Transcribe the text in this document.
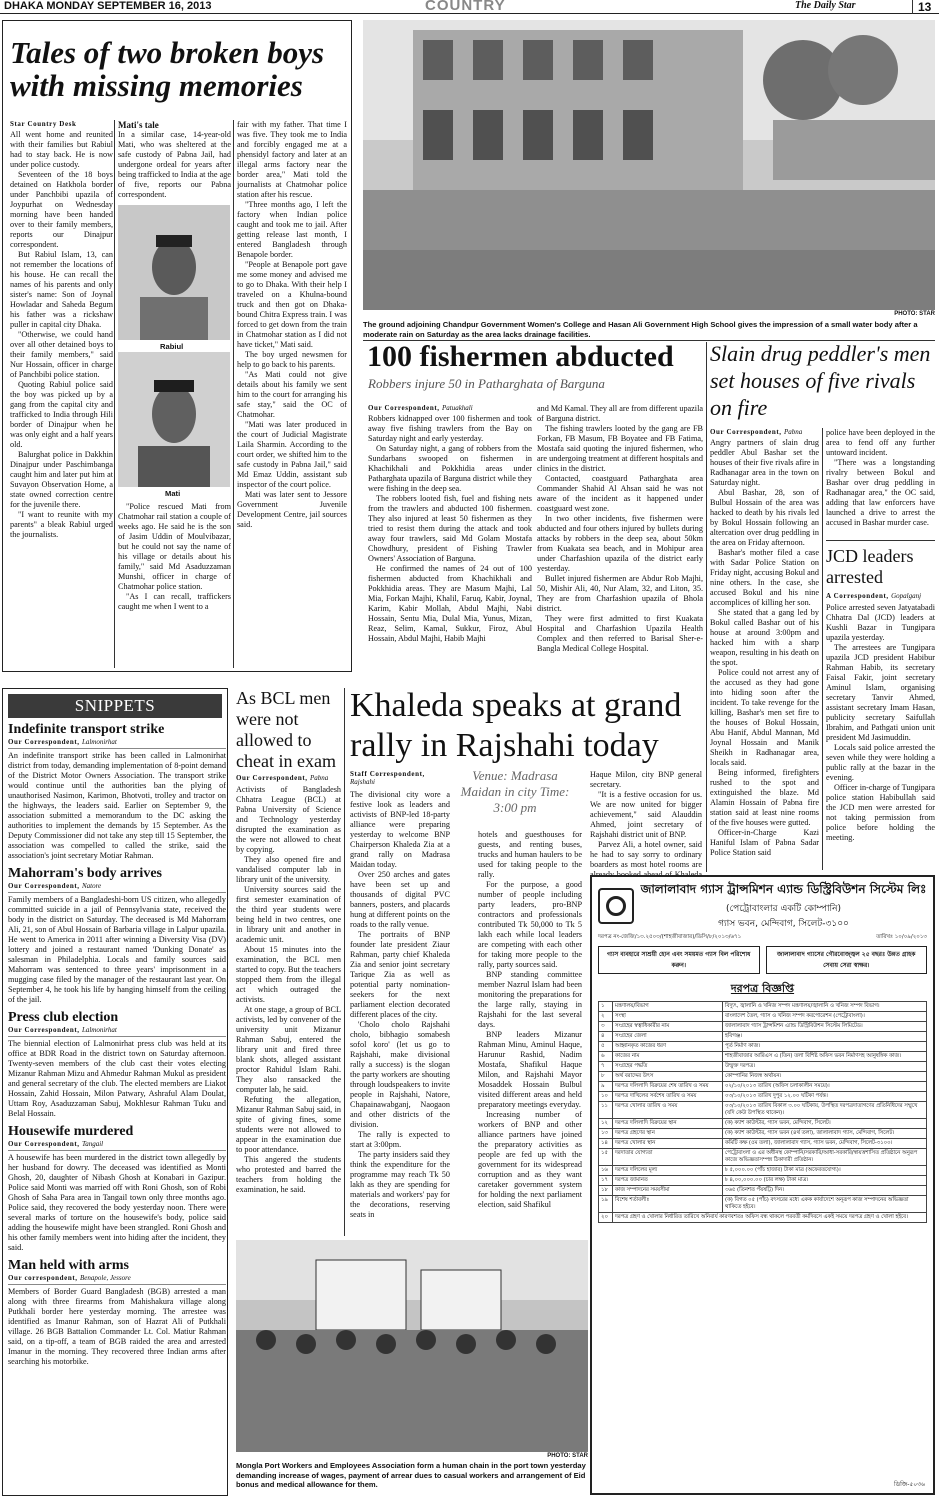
DHAKA MONDAY SEPTEMBER 16, 2013	COUNTRY	The Daily Star	13
Tales of two broken boys with missing memories
Star Country Desk

All went home and reunited with their families but Rabiul had to stay back. He is now under police custody.

Seventeen of the 18 boys detained on Hatkhola border under Panchbibi upazila of Joypurhat on Wednesday morning have been handed over to their family members, reports our Dinajpur correspondent.

But Rabiul Islam, 13, can not remember the locations of his house. He can recall the names of his parents and only sister's name: Son of Joynal Howladar and Saheda Begum his father was a rickshaw puller in capital city Dhaka.

"Otherwise, we could hand over all other detained boys to their family members," said Nur Hossain, officer in charge of Panchbibi police station.

Quoting Rabiul police said the boy was picked up by a gang from the capital city and trafficked to India through Hili border of Dinajpur when he was only eight and a half years old.

Balurghat police in Dakkhin Dinajpur under Paschimbanga caught him and later put him at Suvayon Observation Home, a state owned correction centre for the juvenile there.

"I want to reunite with my parents" a bleak Rabiul urged the journalists.

Mati's tale

In a similar case, 14-year-old Mati, who was sheltered at the safe custody of Pabna Jail, had undergone ordeal for years after being trafficked to India at the age of five, reports our Pabna correspondent.

Rabiul
Mati

"Police rescued Mati from Chatmohar rail station a couple of weeks ago. He said he is the son of Jasim Uddin of Moulvibazar, but he could not say the name of his village or details about his family," said Md Asaduzzaman Munshi, officer in charge of Chatmohar police station.

"As I can recall, traffickers caught me when I went to a

fair with my father. That time I was five. They took me to India and forcibly engaged me at a phensidyl factory and later at an illegal arms factory near the border area," Mati told the journalists at Chatmohar police station after his rescue.

"Three months ago, I left the factory when Indian police caught and took me to jail. After getting release last month, I entered Bangladesh through Benapole border.

"People at Benapole port gave me some money and advised me to go to Dhaka. With their help I traveled on a Khulna-bound truck and then got on Dhaka-bound Chitra Express train. I was forced to get down from the train in Chatmohar station as I did not have ticket," Mati said.

The boy urged newsmen for help to go back to his parents.

"As Mati could not give details about his family we sent him to the court for arranging his safe stay," said the OC of Chatmohar.

"Mati was later produced in the court of Judicial Magistrate Laila Sharmin. According to the court order, we shifted him to the safe custody in Pabna Jail," said Md Emaz Uddin, assistant sub inspector of the court police.

Mati was later sent to Jessore Government Juvenile Development Centre, jail sources said.

PHOTO: STAR
The ground adjoining Chandpur Government Women's College and Hasan Ali Government High School gives the impression of a small water body after a moderate rain on Saturday as the area lacks drainage facilities.
100 fishermen abducted
Robbers injure 50 in Patharghata of Barguna
Our Correspondent, Patuakhali

Robbers kidnapped over 100 fishermen and took away five fishing trawlers from the Bay on Saturday night and early yesterday.

On Saturday night, a gang of robbers from the Sundarbans swooped on fishermen in Khachikhali and Pokkhidia areas under Patharghata upazila of Barguna district while they were fishing in the deep sea.

The robbers looted fish, fuel and fishing nets from the trawlers and abducted 100 fishermen. They also injured at least 50 fishermen as they tried to resist them during the attack and took away four trawlers, said Md Golam Mostafa Chowdhury, president of Fishing Trawler Owners' Association of Barguna.

He confirmed the names of 24 out of 100 fishermen abducted from Khachikhali and Pokkhidia areas. They are Masum Majhi, Lal Mia, Forkan Majhi, Khalil, Faruq, Kabir, Joynal, Karim, Kabir Mollah, Abdul Majhi, Nabi Hossain, Sentu Mia, Dulal Mia, Yunus, Mizan, Reaz, Selim, Kamal, Sukkur, Firoz, Abul Hossain, Abdul Majhi, Habib Majhi

and Md Kamal. They all are from different upazila of Barguna district.

The fishing trawlers looted by the gang are FB Forkan, FB Masum, FB Boyatee and FB Fatima, Mostafa said quoting the injured fishermen, who are undergoing treatment at different hospitals and clinics in the district.

Contacted, coastguard Patharghata area Commander Shahid Al Ahsan said he was not aware of the incident as it happened under coastguard west zone.

In two other incidents, five fishermen were abducted and four others injured by bullets during attacks by robbers in the deep sea, about 50km from Kuakata sea beach, and in Mohipur area under Charfashion upazila of the district early yesterday.

Bullet injured fishermen are Abdur Rob Majhi, 50, Mishir Ali, 40, Nur Alam, 32, and Liton, 35. They are from Charfashion upazila of Bhola district.

They were first admitted to first Kuakata Hospital and Charfashion Upazila Health Complex and then referred to Barisal Sher-e-Bangla Medical College Hospital.

Slain drug peddler's men set houses of five rivals on fire
Our Correspondent, Pabna

Angry partners of slain drug peddler Abul Bashar set the houses of their five rivals afire in Radhanagar area in the town on Saturday night.

Abul Bashar, 28, son of Bulbul Hossain of the area was hacked to death by his rivals led by Bokul Hossain following an altercation over drug peddling in the area on Friday afternoon.

Bashar's mother filed a case with Sadar Police Station on Friday night, accusing Bokul and nine others. In the case, she accused Bokul and his nine accomplices of killing her son.

She stated that a gang led by Bokul called Bashar out of his house at around 3:00pm and hacked him with a sharp weapon, resulting in his death on the spot.

Police could not arrest any of the accused as they had gone into hiding soon after the incident. To take revenge for the killing, Bashar's men set fire to the houses of Bokul Hossain, Abu Hanif, Abdul Mannan, Md Joynal Hossain and Manik Sheikh in Radhanagar area, locals said.

Being informed, firefighters rushed to the spot and extinguished the blaze. Md Alamin Hossain of Pabna fire station said at least nine rooms of the five houses were gutted.

Officer-in-Charge Kazi Haniful Islam of Pabna Sadar Police Station said

police have been deployed in the area to fend off any further untoward incident.

"There was a longstanding rivalry between Bokul and Bashar over drug peddling in Radhanagar area," the OC said, adding that law enforcers have launched a drive to arrest the accused in Bashar murder case.

JCD leaders arrested
A Correspondent, Gopalganj

Police arrested seven Jatyatabadi Chhatra Dal (JCD) leaders at Kushli Bazar in Tungipara upazila yesterday.

The arrestees are Tungipara upazila JCD president Habibur Rahman Habib, its secretary Faisal Fakir, joint secretary Aminul Islam, organising secretary Tanvir Ahmed, assistant secretary Imam Hasan, publicity secretary Saifullah Ibrahim, and Pathgati union unit president Md Jasimuddin.

Locals said police arrested the seven while they were holding a public rally at the bazar in the evening.

Officer in-charge of Tungipara police station Habibullah said the JCD men were arrested for not taking permission from police before holding the meeting.

SNIPPETS
Indefinite transport strike
Our Correspondent, Lalmonirhat
An indefinite transport strike has been called in Lalmonirhat district from today, demanding implementation of 8-point demand of the District Motor Owners Association. The transport strike would continue until the authorities ban the plying of unauthorised Nasimon, Karimon, Bhotvoti, trolley and tractor on the highways, the leaders said. Earlier on September 9, the association submitted a memorandum to the DC asking the authorities to implement the demands by 15 September. As the Deputy Commissioner did not take any step till 15 September, the association was compelled to called the strike, said the association's joint secretary Motiar Rahman.
Mahorram's body arrives
Our Correspondent, Natore
Family members of a Bangladeshi-born US citizen, who allegedly committed suicide in a jail of Pennsylvania state, received the body in the district on Saturday. The deceased is Md Mahorram Ali, 21, son of Abul Hossain of Barbaria village in Lalpur upazila. He went to America in 2011 after winning a Diversity Visa (DV) lottery and joined a restaurant named 'Dunking Donate' as salesman in Philadelphia. Locals and family sources said Mahorram was sentenced to three years' imprisonment in a mugging case filed by the manager of the restaurant last year. On September 4, he took his life by hanging himself from the ceiling of the jail.
Press club election
Our Correspondent, Lalmonirhat
The biennial election of Lalmonirhat press club was held at its office at BDR Road in the district town on Saturday afternoon. Twenty-seven members of the club cast their votes electing Mizanur Rahman Mizu and Ahmedur Rahman Mukul as president and general secretary of the club. The elected members are Liakot Hossain, Zahid Hossain, Milon Patwary, Ashraful Alam Doulat, Uttam Roy, Asaduzzaman Sabuj, Mokhlesur Rahman Tuku and Belal Hossain.
Housewife murdered
Our Correspondent, Tangail
A housewife has been murdered in the district town allegedly by her husband for dowry. The deceased was identified as Monti Ghosh, 20, daughter of Nibash Ghosh at Konabari in Gazipur. Police said Monti was married off with Roni Ghosh, son of Robi Ghosh of Saha Para area in Tangail town only three months ago. Police said, they recovered the body yesterday noon. There were several marks of torture on the housewife's body, police said adding the housewife might have been strangled. Roni Ghosh and his other family members went into hiding after the incident, they said.
Man held with arms
Our correspondent, Benapole, Jessore
Members of Border Guard Bangladesh (BGB) arrested a man along with three firearms from Mahishakura village along Putkhali border here yesterday morning. The arrestee was identified as Imanur Rahman, son of Hazrat Ali of Putkhali village. 26 BGB Battalion Commander Lt. Col. Matiur Rahman said, on a tip-off, a team of BGB raided the area and arrested Imanur in the morning. They recovered three Indian arms after searching his motorbike.
As BCL men were not allowed to cheat in exam
Our Correspondent, Pabna

Activists of Bangladesh Chhatra League (BCL) at Pabna University of Science and Technology yesterday disrupted the examination as the were not allowed to cheat by copying.

They also opened fire and vandalised computer lab in library unit of the university.

University sources said the first semester examination of the third year students were being held in two centres, one in library unit and another in academic unit.

About 15 minutes into the examination, the BCL men started to copy. But the teachers stopped them from the illegal act which outraged the activists.

At one stage, a group of BCL activists, led by convener of the university unit Mizanur Rahman Sabuj, entered the library unit and fired three blank shots, alleged assistant proctor Rahidul Islam Rahi. They also ransacked the computer lab, he said.

Refuting the allegation, Mizanur Rahman Sabuj said, in spite of giving fines, some students were not allowed to appear in the examination due to poor attendance.

This angered the students who protested and barred the teachers from holding the examination, he said.

Khaleda speaks at grand rally in Rajshahi today
Staff Correspondent, Rajshahi	Venue: Madrasa Maidan in city Time: 3:00 pm

The divisional city wore a festive look as leaders and activists of BNP-led 18-party alliance were preparing yesterday to welcome BNP Chairperson Khaleda Zia at a grand rally on Madrasa Maidan today.

Over 250 arches and gates have been set up and thousands of digital PVC banners, posters, and placards hung at different points on the roads to the rally venue.

The portraits of BNP founder late president Ziaur Rahman, party chief Khaleda Zia and senior joint secretary Tarique Zia as well as potential party nomination-seekers for the next parliament election decorated different places of the city.

'Cholo cholo Rajshahi cholo, bibhagio somabesh sofol koro' (let us go to Rajshahi, make divisional rally a success) is the slogan the party workers are shouting through loudspeakers to invite people in Rajshahi, Natore, Chapainawabganj, Naogaon and other districts of the division.

The rally is expected to start at 3:00pm.

The party insiders said they think the expenditure for the programme may reach Tk 50 lakh as they are spending for materials and workers' pay for the decorations, reserving seats in

hotels and guesthouses for guests, and renting buses, trucks and human haulers to be used for taking people to the rally.

For the purpose, a good number of people including party leaders, pro-BNP contractors and professionals contributed Tk 50,000 to Tk 5 lakh each while local leaders are competing with each other for taking more people to the rally, party sources said.

BNP standing committee member Nazrul Islam had been monitoring the preparations for the large rally, staying in Rajshahi for the last several days.

BNP leaders Mizanur Rahman Minu, Aminul Haque, Harunur Rashid, Nadim Mostafa, Shafikul Haque Milon, and Rajshahi Mayor Mosaddek Hossain Bulbul visited different areas and held preparatory meetings everyday.

Increasing number of workers of BNP and other alliance partners have joined the preparatory activities as people are fed up with the government for its widespread corruption and as they want caretaker government system for holding the next parliament election, said Shafikul

Haque Milon, city BNP general secretary.

"It is a festive occasion for us. We are now united for bigger achievement," said Alauddin Ahmed, joint secretary of Rajshahi district unit of BNP.

Parvez Ali, a hotel owner, said he had to say sorry to ordinary boarders as most hotel rooms are

PHOTO: STAR
Mongla Port Workers and Employees Association form a human chain in the port town yesterday demanding increase of wages, payment of arrear dues to casual workers and arrangement of Eid bonus and medical allowance for them.
জালালাবাদ গ্যাস ট্রান্সমিশন এ্যান্ড ডিস্ট্রিবিউশন সিস্টেম লিঃ
(পেট্রোবাংলার একটি কোম্পানি)
গ্যাস ভবন, মেন্দিবাগ, সিলেট-৩১০০
দরপত্র নং-জেজি/১৩.২৫০৩/(শাহজীবাজার)/ডিসি/৮/২০১৩/৬৭১	তারিখঃ ১০/০৯/২০১৩
গ্যাস ব্যবহারে সাশ্রয়ী হোন এবং সময়মত গ্যাস বিল পরিশোধ করুন।
জালালাবাদ গ্যাসের গৌরবোজ্জ্বল ২৫ বছরঃ উন্নত গ্রাহক সেবায় সেরা স্বাক্ষর।
দরপত্র বিজ্ঞপ্তি
১	মন্ত্রণালয়/বিভাগ	বিদ্যুৎ, জ্বালানি ও খনিজ সম্পদ মন্ত্রণালয়/জ্বালানি ও খনিজ সম্পদ বিভাগ।
২	সংস্থা	বাংলাদেশ তৈল, গ্যাস ও খনিজ সম্পদ করপোরেশন (পেট্রোবাংলা)।
৩	সংগ্রহের স্বত্বাধিকারীর নাম	জালালাবাদ গ্যাস ট্রান্সমিশন এ্যান্ড ডিস্ট্রিবিউশন সিস্টেম লিমিটেড।
৪	সংগ্রহের জেলা	হবিগঞ্জ।
৫	আহ্বানকৃত কাজের ধরণ	পূর্ত নির্মাণ কাজ।
৬	কাজের নাম	শাহজীবাজার আরিএস এ (তিন) তলা বিশিষ্ট অফিস ভবন নির্মাণসহ আনুষঙ্গিক কাজ।
৭	সংগ্রহের পদ্ধতি	উন্মুক্ত দরপত্র।
৮	অর্থ বরাদ্দের উৎস	কোম্পানির নিজস্ব অর্থায়ন।
৯	দরপত্র দলিলাদি বিক্রয়ের শেষ তারিখ ও সময়	০২/১০/২০১৩ তারিখ (অফিস চলাকালীন সময়ে)।
১০	দরপত্র দাখিলের সর্বশেষ তারিখ ও সময়	০৩/১০/২০১৩ তারিখ দুপুর ১২.০০ ঘটিকা পর্যন্ত।
১১	দরপত্র খোলার তারিখ ও সময়	০৩/১০/২০১৩ তারিখ বিকাল ৩.০০ ঘটিকায়, উপস্থিত দরপত্রদাতাগণের প্রতিনিধিদের সম্মুখে (যদি কেউ উপস্থিত থাকেন)।
১২	দরপত্র দলিলাদি বিক্রয়ের স্থান	(ক) ক্যাশ কাউন্টার, গ্যাস ভবন, মেন্দিবাগ, সিলেট।
১৩	দরপত্র গ্রহণের স্থান	(ক) ক্যাশ কাউন্টার, গ্যাস ভবন (৪র্থ তলা), জালালাবাদ গ্যাস, মেন্দিবাগ, সিলেট।
১৪	দরপত্র খোলার স্থান	কমিটি কক্ষ (৫ম তলা), জালালাবাদ গ্যাস, গ্যাস ভবন, মেন্দিবাগ, সিলেট-৩১০০।
১৫	দরদাতার যোগ্যতা	পেট্রোবাংলা ও এর অধীনস্থ কোম্পানি/সরকারি/আধা-সরকারি/স্বায়ত্তশাসিত প্রতিষ্ঠানে অনুরূপ কাজে অভিজ্ঞতাসম্পন্ন ঠিকাদারী প্রতিষ্ঠান।
১৬	দরপত্র দলিলের মূল্য	৳ ৫,০০০.০০ (পাঁচ হাজার) টাকা মাত্র (অফেরতযোগ্য)।
১৭	দরপত্র জামানত	৳ ৪,০০,০০০.০০ (চার লক্ষ) টাকা মাত্র।
১৮	কাজ সম্পাদনের সময়সীমা	৩৬৫ (তিনশত পঁয়ষট্টি) দিন।
১৯	বিশেষ শর্তাবলীঃ	(ক) বিগত ০৫ (পাঁচ) বৎসরের মধ্যে একক কার্যাদেশে অনূরূপ কাজ সম্পাদনের অভিজ্ঞতা থাকিতে হইবে।
২০	দরপত্র গ্রহণ ও খোলার নির্ধারিত তারিখে অনিবার্য কারণবশতঃ অফিস বন্ধ থাকলে পরবর্তী কর্মদিবসে একই সময়ে দরপত্র গ্রহণ ও খোলা হইবে।	
ডিজি-৫০৩৬
